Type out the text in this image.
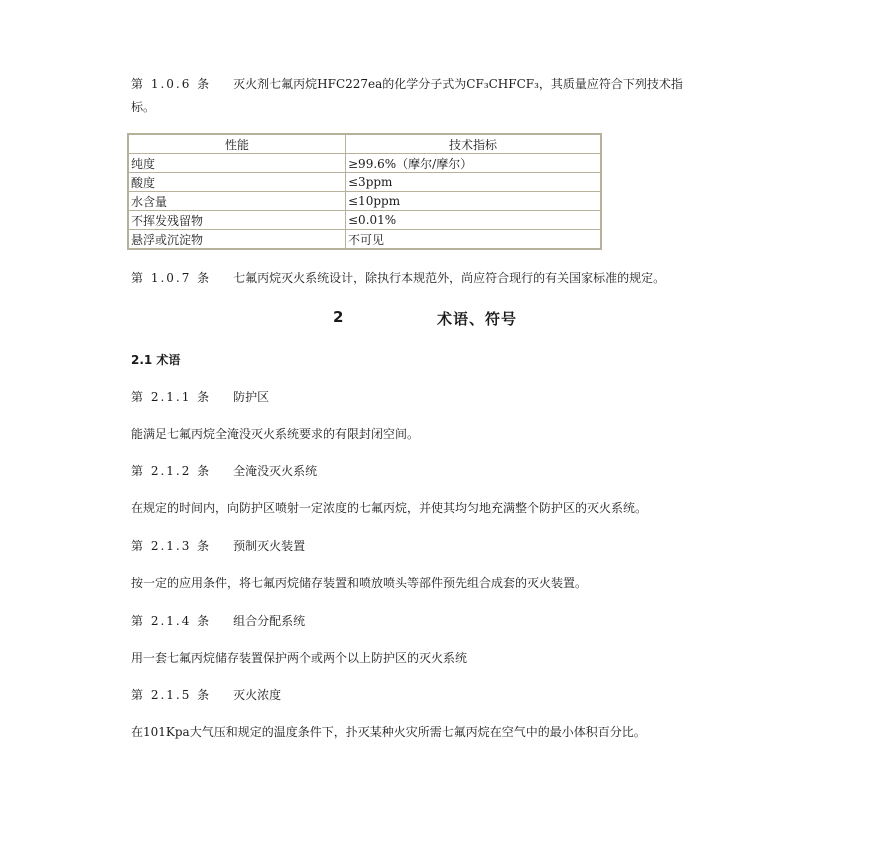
第 1.0.6 条 灭火剂七氟丙烷HFC227ea的化学分子式为CF₃CHFCF₃，其质量应符合下列技术指
标。
性能	技术指标
纯度	≥99.6%（摩尔/摩尔）
酸度	≤3ppm
水含量	≤10ppm
不挥发残留物	≤0.01%
悬浮或沉淀物	不可见
第 1.0.7 条 七氟丙烷灭火系统设计，除执行本规范外，尚应符合现行的有关国家标准的规定。
2	术语、符号
2.1 术语
第 2.1.1 条 防护区
能满足七氟丙烷全淹没灭火系统要求的有限封闭空间。
第 2.1.2 条 全淹没灭火系统
在规定的时间内，向防护区喷射一定浓度的七氟丙烷，并使其均匀地充满整个防护区的灭火系统。
第 2.1.3 条 预制灭火装置
按一定的应用条件，将七氟丙烷储存装置和喷放喷头等部件预先组合成套的灭火装置。
第 2.1.4 条 组合分配系统
用一套七氟丙烷储存装置保护两个或两个以上防护区的灭火系统
第 2.1.5 条 灭火浓度
在101Kpa大气压和规定的温度条件下，扑灭某种火灾所需七氟丙烷在空气中的最小体积百分比。
